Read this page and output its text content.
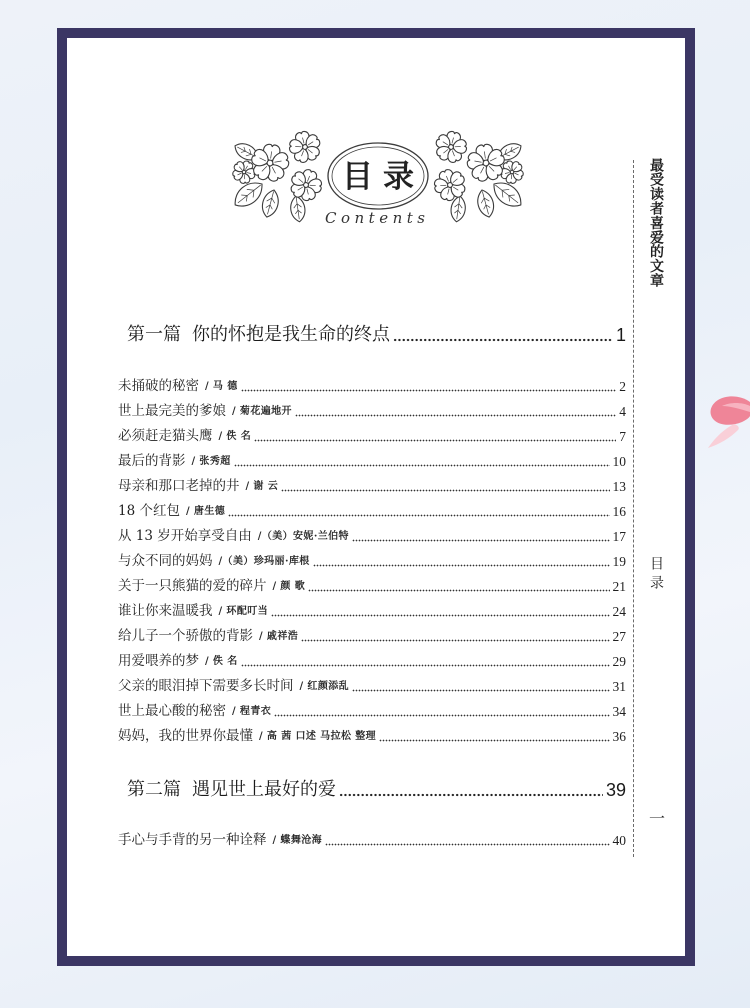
目录
Contents	最受读者喜爱的文章
目录
一
第一篇 你的怀抱是我生命的终点	1
未捅破的秘密 / 马 德	2
世上最完美的爹娘 / 菊花遍地开	4
必须赶走猫头鹰 / 佚 名	7
最后的背影 / 张秀超	10
母亲和那口老掉的井 / 谢 云	13
18 个红包 / 唐生德	16
从 13 岁开始享受自由 /（美）安妮·兰伯特	17
与众不同的妈妈 /（美）珍玛丽·库根	19
关于一只熊猫的爱的碎片 / 颜 歌	21
谁让你来温暖我 / 环配叮当	24
给儿子一个骄傲的背影 / 戚祥浩	27
用爱喂养的梦 / 佚 名	29
父亲的眼泪掉下需要多长时间 / 红颜添乱	31
世上最心酸的秘密 / 程青衣	34
妈妈，我的世界你最懂 / 高 茜 口述 马拉松 整理	36
第二篇 遇见世上最好的爱	39
手心与手背的另一种诠释 / 蝶舞沧海	40
